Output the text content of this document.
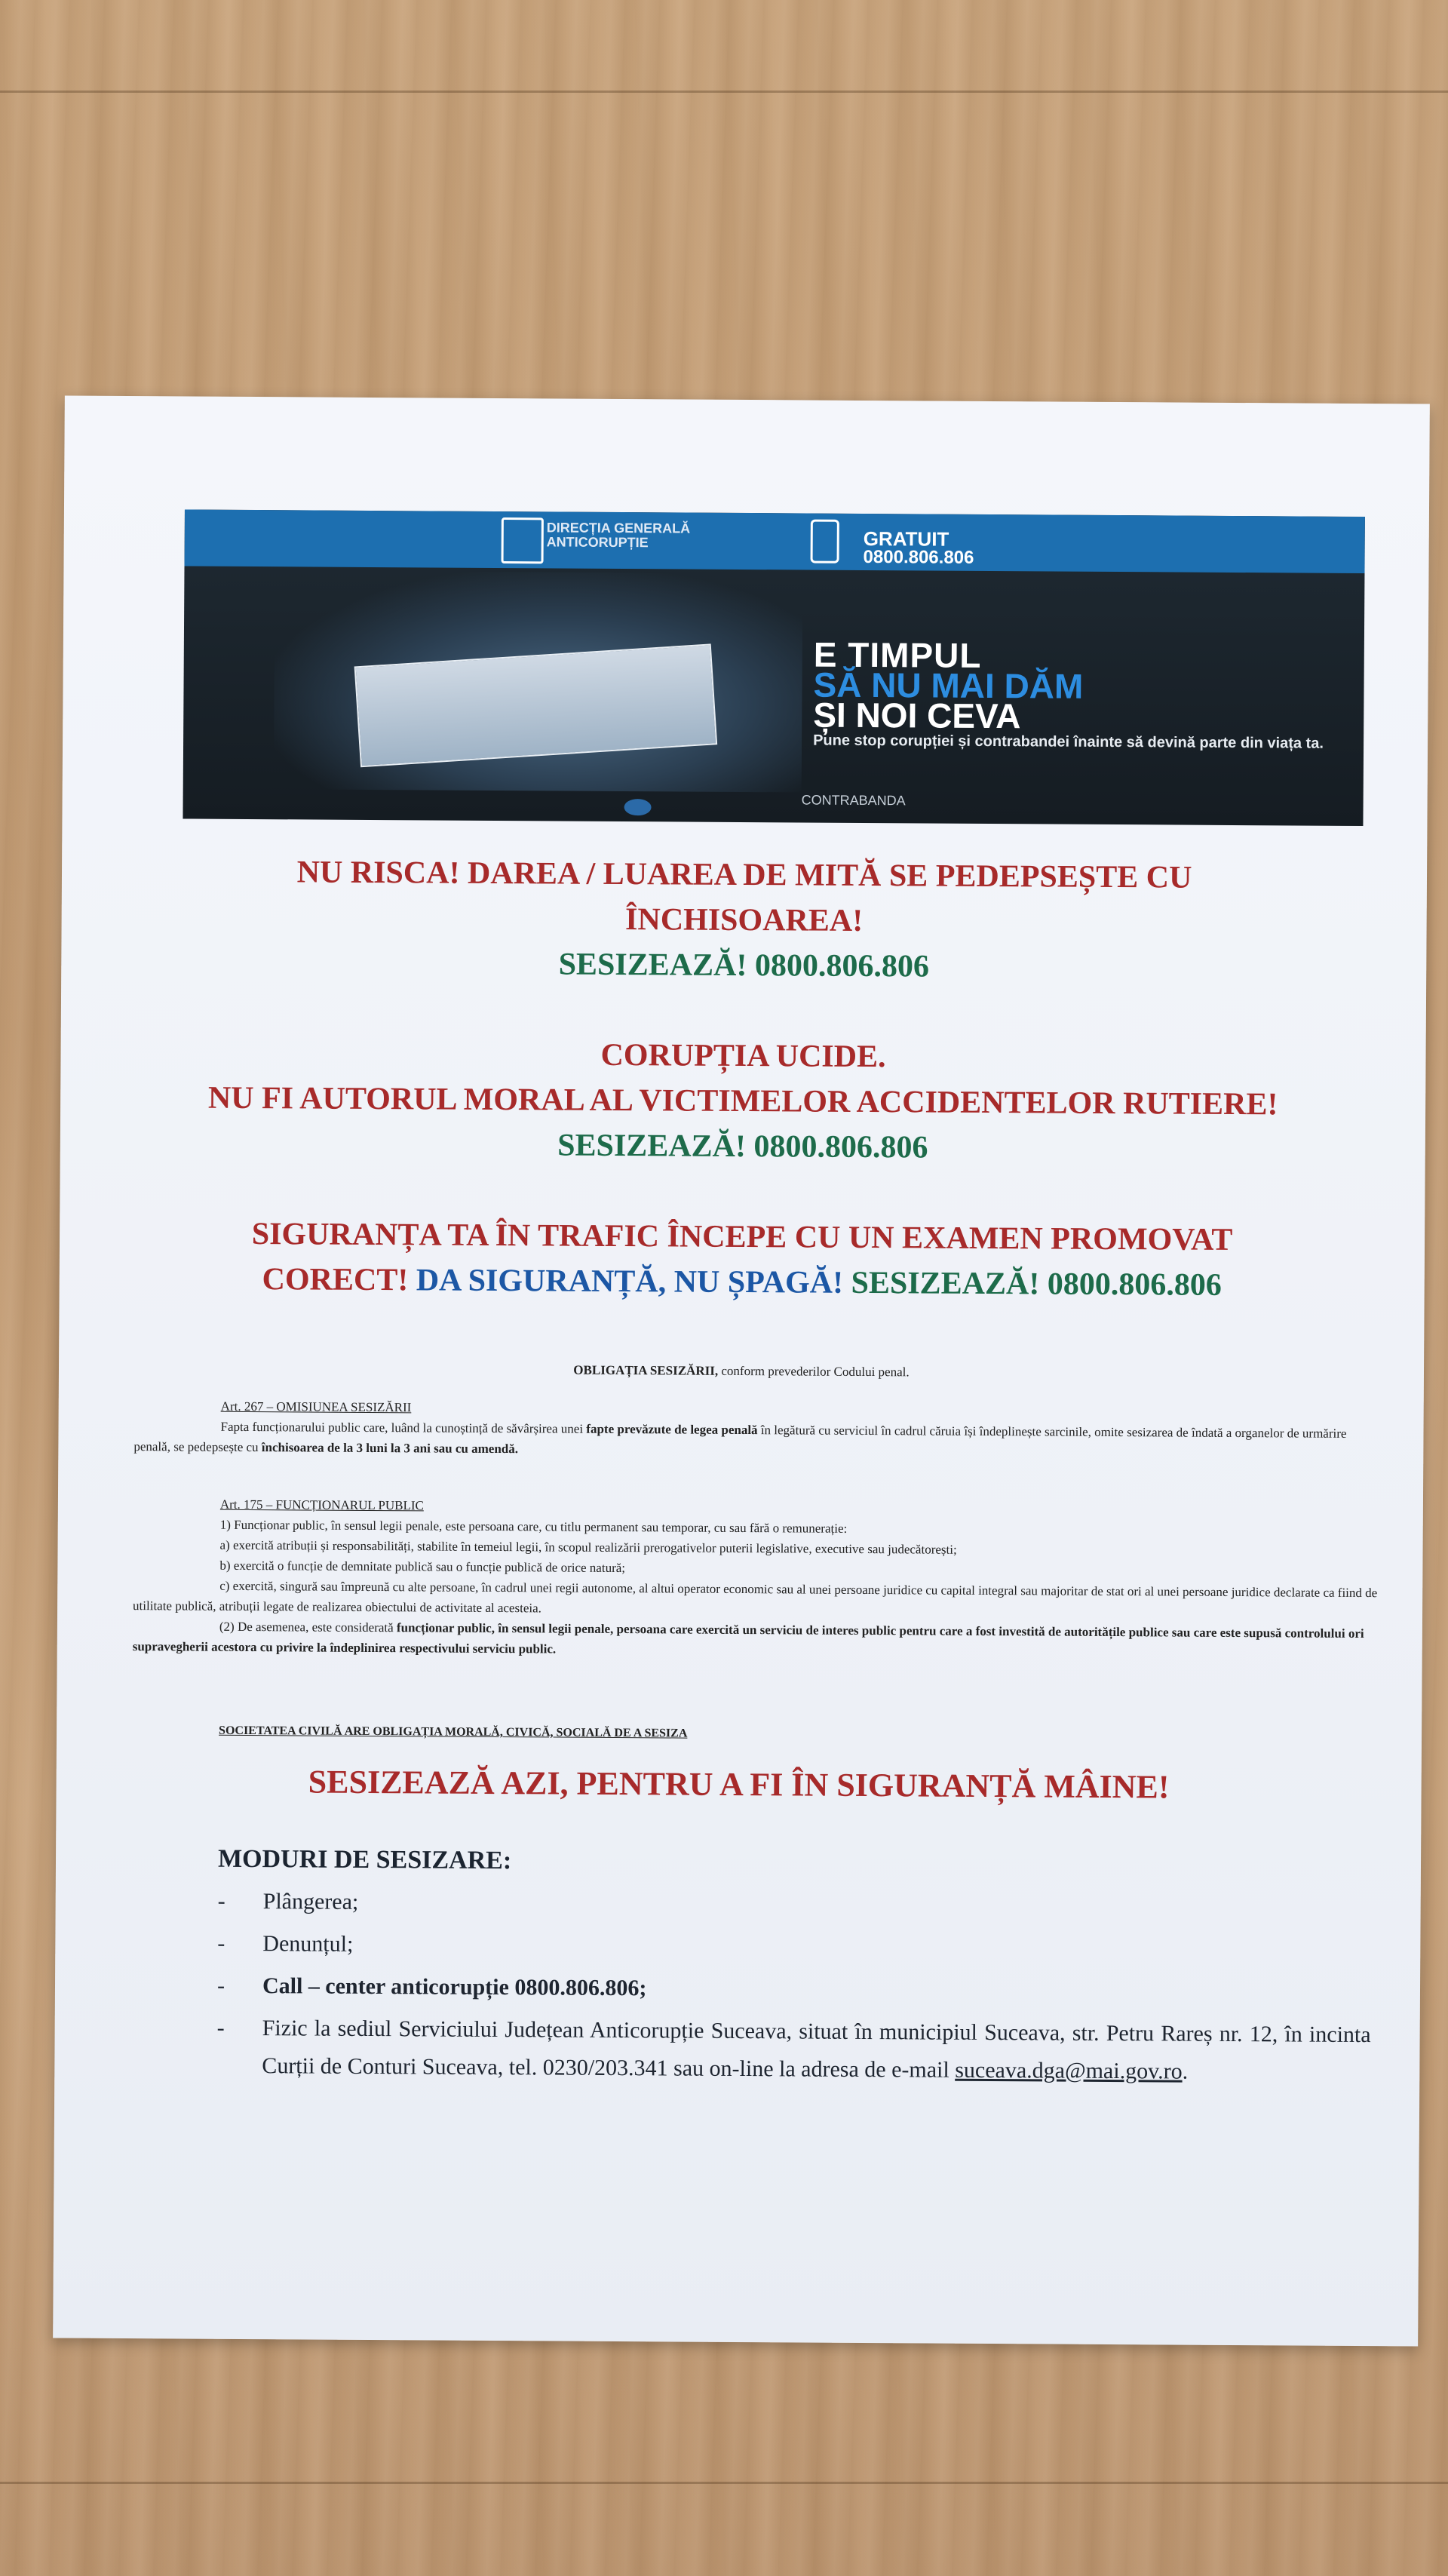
DIRECȚIA GENERALĂ ANTICORUPȚIE	GRATUIT
0800.806.806
E TIMPUL
SĂ NU MAI DĂM
ȘI NOI CEVA
Pune stop corupției și contrabandei înainte să devină parte din viața ta.
CONTRABANDA
NU RISCA! DAREA / LUAREA DE MITĂ SE PEDEPSEȘTE CU
ÎNCHISOAREA!
SESIZEAZĂ! 0800.806.806
CORUPȚIA UCIDE.
NU FI AUTORUL MORAL AL VICTIMELOR ACCIDENTELOR RUTIERE!
SESIZEAZĂ! 0800.806.806
SIGURANȚA TA ÎN TRAFIC ÎNCEPE CU UN EXAMEN PROMOVAT
CORECT! DA SIGURANȚĂ, NU ȘPAGĂ! SESIZEAZĂ! 0800.806.806
OBLIGAȚIA SESIZĂRII, conform prevederilor Codului penal.
Art. 267 – OMISIUNEA SESIZĂRII
Fapta funcționarului public care, luând la cunoștință de săvârșirea unei fapte prevăzute de legea penală în legătură cu serviciul în cadrul căruia își îndeplinește sarcinile, omite sesizarea de îndată a organelor de urmărire penală, se pedepsește cu închisoarea de la 3 luni la 3 ani sau cu amendă.
Art. 175 – FUNCȚIONARUL PUBLIC
1) Funcționar public, în sensul legii penale, este persoana care, cu titlu permanent sau temporar, cu sau fără o remunerație:
a) exercită atribuții și responsabilități, stabilite în temeiul legii, în scopul realizării prerogativelor puterii legislative, executive sau judecătorești;
b) exercită o funcție de demnitate publică sau o funcție publică de orice natură;
c) exercită, singură sau împreună cu alte persoane, în cadrul unei regii autonome, al altui operator economic sau al unei persoane juridice cu capital integral sau majoritar de stat ori al unei persoane juridice declarate ca fiind de utilitate publică, atribuții legate de realizarea obiectului de activitate al acesteia.
(2) De asemenea, este considerată funcționar public, în sensul legii penale, persoana care exercită un serviciu de interes public pentru care a fost investită de autoritățile publice sau care este supusă controlului ori supravegherii acestora cu privire la îndeplinirea respectivului serviciu public.
SOCIETATEA CIVILĂ ARE OBLIGAȚIA MORALĂ, CIVICĂ, SOCIALĂ DE A SESIZA
SESIZEAZĂ AZI, PENTRU A FI ÎN SIGURANȚĂ MÂINE!
MODURI DE SESIZARE:
-	Plângerea;
-	Denunțul;
-	Call – center anticorupție 0800.806.806;
-	Fizic la sediul Serviciului Județean Anticorupție Suceava, situat în municipiul Suceava, str. Petru Rareș nr. 12, în incinta Curții de Conturi Suceava, tel. 0230/203.341 sau on-line la adresa de e-mail suceava.dga@mai.gov.ro.
